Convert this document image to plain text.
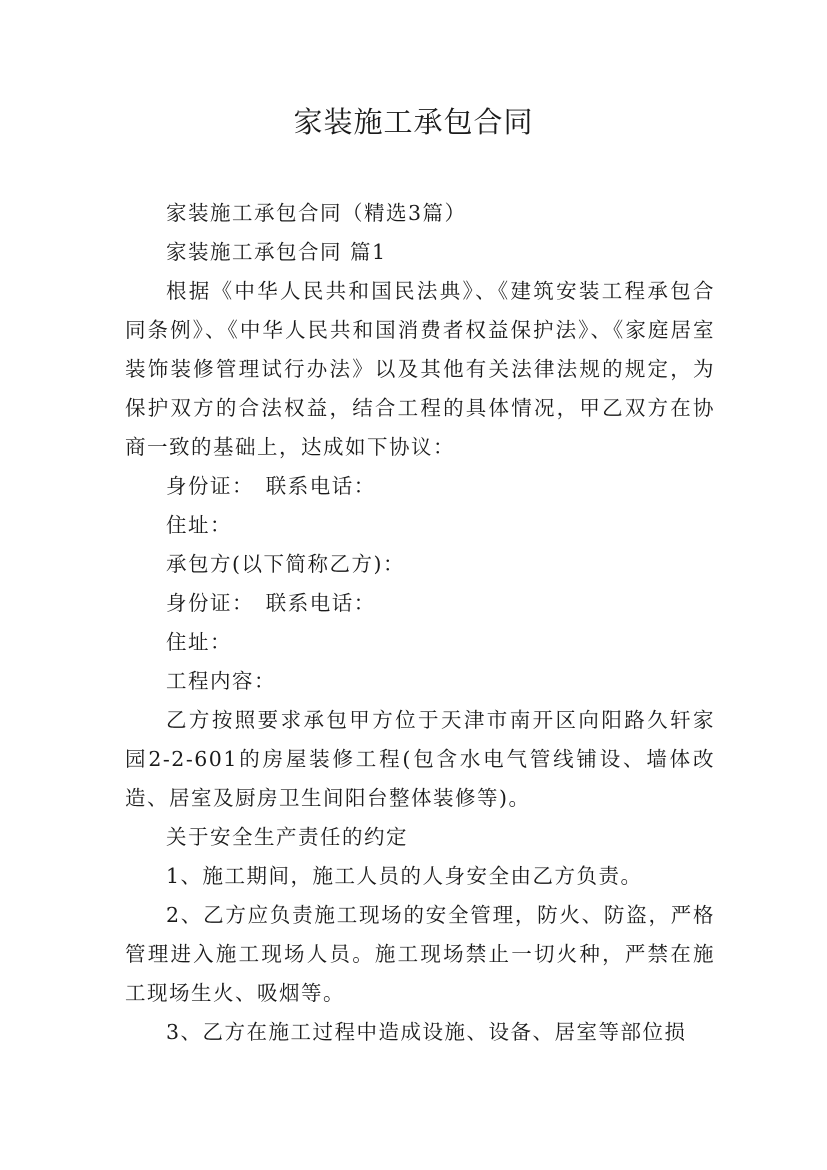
家装施工承包合同

家装施工承包合同（精选3篇）

家装施工承包合同 篇1

根据《中华人民共和国民法典》、《建筑安装工程承包合同条例》、《中华人民共和国消费者权益保护法》、《家庭居室装饰装修管理试行办法》以及其他有关法律法规的规定，为保护双方的合法权益，结合工程的具体情况，甲乙双方在协商一致的基础上，达成如下协议：

身份证：　联系电话：

住址：

承包方(以下简称乙方)：

身份证：　联系电话：

住址：

工程内容：

乙方按照要求承包甲方位于天津市南开区向阳路久轩家园2-2-601的房屋装修工程(包含水电气管线铺设、墙体改造、居室及厨房卫生间阳台整体装修等)。

关于安全生产责任的约定

1、施工期间，施工人员的人身安全由乙方负责。

2、乙方应负责施工现场的安全管理，防火、防盗，严格管理进入施工现场人员。施工现场禁止一切火种，严禁在施工现场生火、吸烟等。

3、乙方在施工过程中造成设施、设备、居室等部位损
